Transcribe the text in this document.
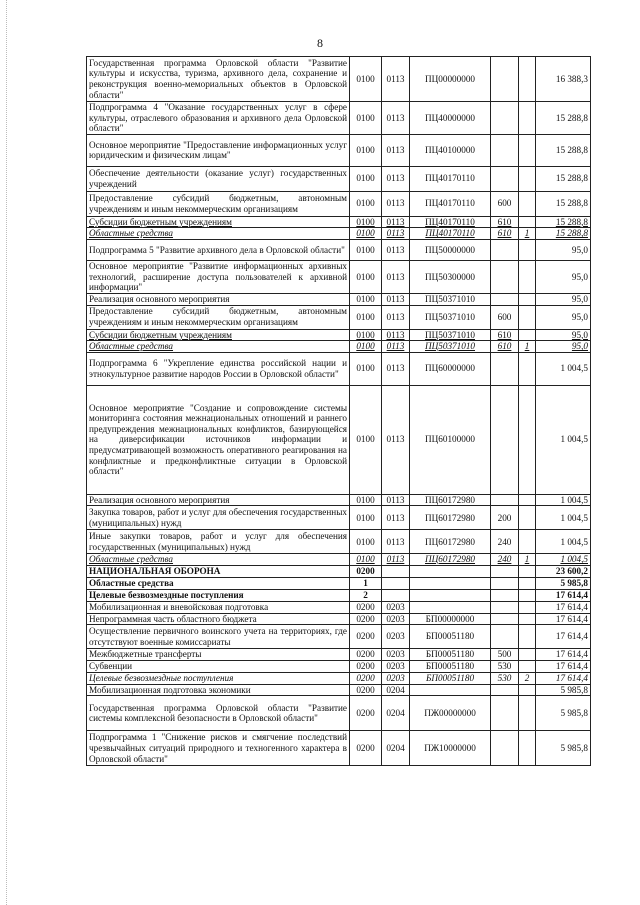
8
Государственная программа Орловской области "Развитие культуры и искусства, туризма, архивного дела, сохранение и реконструкция военно-мемориальных объектов в Орловской области"	0100	0113	ПЦ00000000			16 388,3
Подпрограмма 4 "Оказание государственных услуг в сфере культуры, отраслевого образования и архивного дела Орловской области"	0100	0113	ПЦ40000000			15 288,8
Основное мероприятие "Предоставление информационных услуг юридическим и физическим лицам"	0100	0113	ПЦ40100000			15 288,8
Обеспечение деятельности (оказание услуг) государственных учреждений	0100	0113	ПЦ40170110			15 288,8
Предоставление субсидий бюджетным, автономным учреждениям и иным некоммерческим организациям	0100	0113	ПЦ40170110	600		15 288,8
Субсидии бюджетным учреждениям	0100	0113	ПЦ40170110	610		15 288,8
Областные средства	0100	0113	ПЦ40170110	610	1	15 288,8
Подпрограмма 5 "Развитие архивного дела в Орловской области"	0100	0113	ПЦ50000000			95,0
Основное мероприятие "Развитие информационных архивных технологий, расширение доступа пользователей к архивной информации"	0100	0113	ПЦ50300000			95,0
Реализация основного мероприятия	0100	0113	ПЦ50371010			95,0
Предоставление субсидий бюджетным, автономным учреждениям и иным некоммерческим организациям	0100	0113	ПЦ50371010	600		95,0
Субсидии бюджетным учреждениям	0100	0113	ПЦ50371010	610		95,0
Областные средства	0100	0113	ПЦ50371010	610	1	95,0
Подпрограмма 6 "Укрепление единства российской нации и этнокультурное развитие народов России в Орловской области"	0100	0113	ПЦ60000000			1 004,5
Основное мероприятие "Создание и сопровождение системы мониторинга состояния межнациональных отношений и раннего предупреждения межнациональных конфликтов, базирующейся на диверсификации источников информации и предусматривающей возможность оперативного реагирования на конфликтные и предконфликтные ситуации в Орловской области"	0100	0113	ПЦ60100000			1 004,5
Реализация основного мероприятия	0100	0113	ПЦ60172980			1 004,5
Закупка товаров, работ и услуг для обеспечения государственных (муниципальных) нужд	0100	0113	ПЦ60172980	200		1 004,5
Иные закупки товаров, работ и услуг для обеспечения государственных (муниципальных) нужд	0100	0113	ПЦ60172980	240		1 004,5
Областные средства	0100	0113	ПЦ60172980	240	1	1 004,5
НАЦИОНАЛЬНАЯ ОБОРОНА	0200					23 600,2
Областные средства	1					5 985,8
Целевые безвозмездные поступления	2					17 614,4
Мобилизационная и вневойсковая подготовка	0200	0203				17 614,4
Непрограммная часть областного бюджета	0200	0203	БП00000000			17 614,4
Осуществление первичного воинского учета на территориях, где отсутствуют военные комиссариаты	0200	0203	БП00051180			17 614,4
Межбюджетные трансферты	0200	0203	БП00051180	500		17 614,4
Субвенции	0200	0203	БП00051180	530		17 614,4
Целевые безвозмездные поступления	0200	0203	БП00051180	530	2	17 614,4
Мобилизационная подготовка экономики	0200	0204				5 985,8
Государственная программа Орловской области "Развитие системы комплексной безопасности в Орловской области"	0200	0204	ПЖ00000000			5 985,8
Подпрограмма 1 "Снижение рисков и смягчение последствий чрезвычайных ситуаций природного и техногенного характера в Орловской области"	0200	0204	ПЖ10000000			5 985,8
